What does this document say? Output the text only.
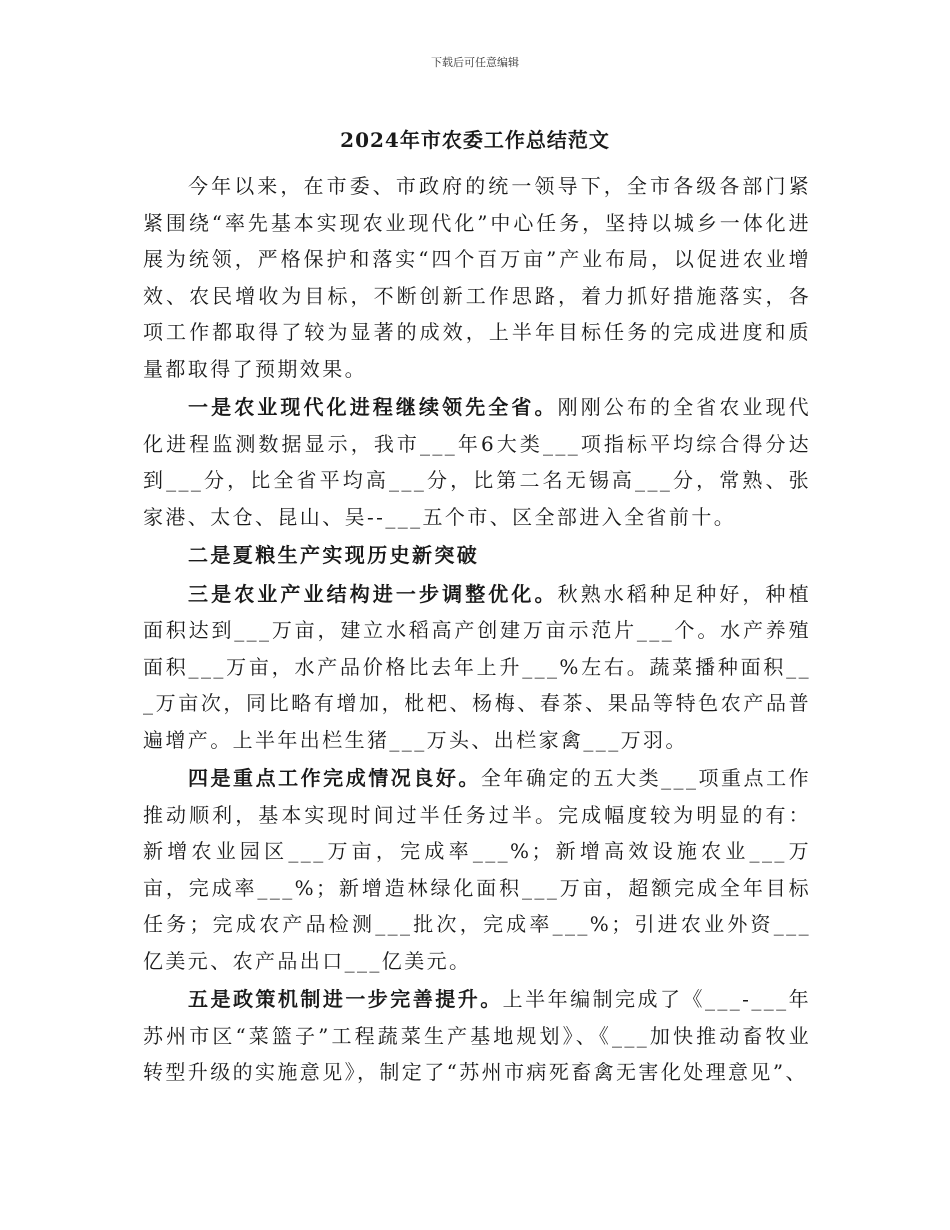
下载后可任意编辑
2024年市农委工作总结范文

今年以来，在市委、市政府的统一领导下，全市各级各部门紧紧围绕“率先基本实现农业现代化”中心任务，坚持以城乡一体化进展为统领，严格保护和落实“四个百万亩”产业布局，以促进农业增效、农民增收为目标，不断创新工作思路，着力抓好措施落实，各项工作都取得了较为显著的成效，上半年目标任务的完成进度和质量都取得了预期效果。

一是农业现代化进程继续领先全省。刚刚公布的全省农业现代化进程监测数据显示，我市___年6大类___项指标平均综合得分达到___分，比全省平均高___分，比第二名无锡高___分，常熟、张家港、太仓、昆山、吴--___五个市、区全部进入全省前十。

二是夏粮生产实现历史新突破

三是农业产业结构进一步调整优化。秋熟水稻种足种好，种植面积达到___万亩，建立水稻高产创建万亩示范片___个。水产养殖面积___万亩，水产品价格比去年上升___%左右。蔬菜播种面积___万亩次，同比略有增加，枇杷、杨梅、春茶、果品等特色农产品普遍增产。上半年出栏生猪___万头、出栏家禽___万羽。

四是重点工作完成情况良好。全年确定的五大类___项重点工作推动顺利，基本实现时间过半任务过半。完成幅度较为明显的有：新增农业园区___万亩，完成率___%；新增高效设施农业___万亩，完成率___%；新增造林绿化面积___万亩，超额完成全年目标任务；完成农产品检测___批次，完成率___%；引进农业外资___亿美元、农产品出口___亿美元。

五是政策机制进一步完善提升。上半年编制完成了《___-___年苏州市区“菜篮子”工程蔬菜生产基地规划》、《___加快推动畜牧业转型升级的实施意见》，制定了“苏州市病死畜禽无害化处理意见”、
